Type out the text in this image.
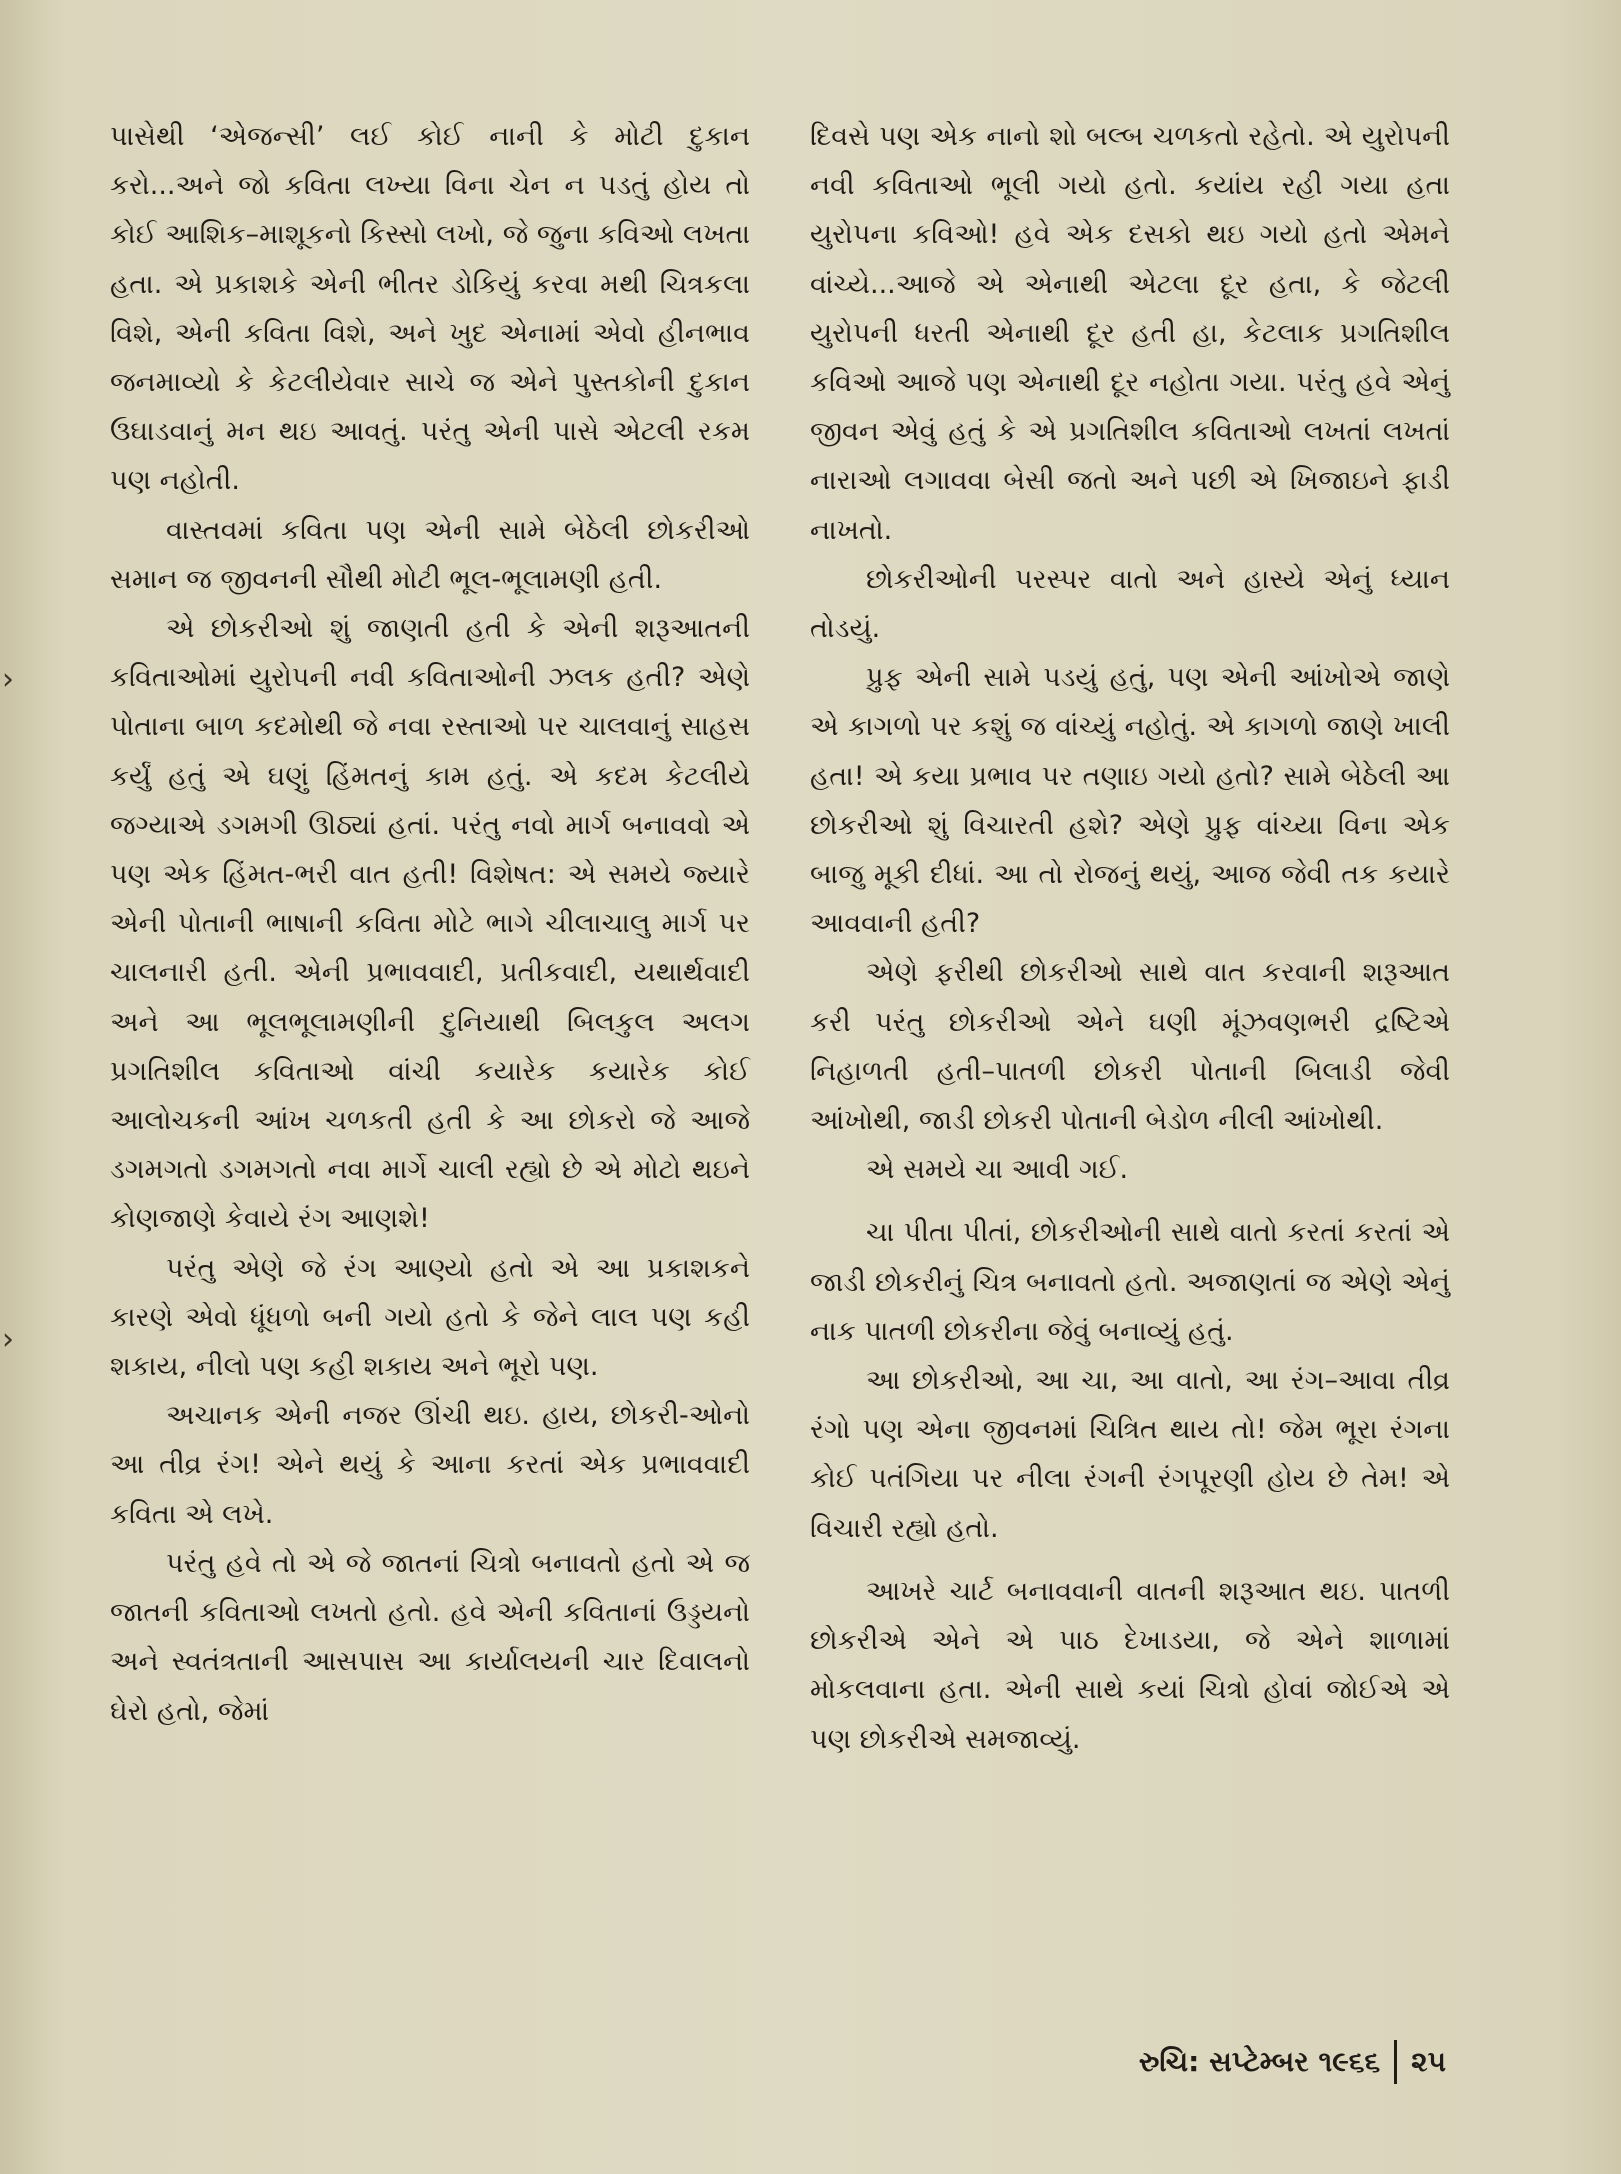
›
›

પાસેથી ‘એજન્સી’ લઈ કોઈ નાની કે મોટી દુકાન કરો...અને જો કવિતા લખ્યા વિના ચેન ન પડતું હોય તો કોઈ આશિક–માશૂકનો કિસ્સો લખો, જે જુના કવિઓ લખતા હતા. એ પ્રકાશકે એની ભીતર ડોકિયું કરવા મથી ચિત્રકલા વિશે, એની કવિતા વિશે, અને ખુદ એનામાં એવો હીનભાવ જનમાવ્યો કે કેટલીયેવાર સાચે જ એને પુસ્તકોની દુકાન ઉઘાડવાનું મન થઇ આવતું. પરંતુ એની પાસે એટલી રકમ પણ નહોતી.

વાસ્તવમાં કવિતા પણ એની સામે બેઠેલી છોકરીઓ સમાન જ જીવનની સૌથી મોટી ભૂલ-ભૂલામણી હતી.

એ છોકરીઓ શું જાણતી હતી કે એની શરૂઆતની કવિતાઓમાં યુરોપની નવી કવિતાઓની ઝલક હતી? એણે પોતાના બાળ કદમોથી જે નવા રસ્તાઓ પર ચાલવાનું સાહસ કર્યું હતું એ ઘણું હિંમતનું કામ હતું. એ કદમ કેટલીયે જગ્યાએ ડગમગી ઊઠ્યાં હતાં. પરંતુ નવો માર્ગ બનાવવો એ પણ એક હિંમત-ભરી વાત હતી! વિશેષત: એ સમયે જ્યારે એની પોતાની ભાષાની કવિતા મોટે ભાગે ચીલાચાલુ માર્ગ પર ચાલનારી હતી. એની પ્રભાવવાદી, પ્રતીકવાદી, યથાર્થવાદી અને આ ભૂલભૂલામણીની દુનિયાથી બિલકુલ અલગ પ્રગતિશીલ કવિતાઓ વાંચી કયારેક કયારેક કોઈ આલોચકની આંખ ચળકતી હતી કે આ છોકરો જે આજે ડગમગતો ડગમગતો નવા માર્ગે ચાલી રહ્યો છે એ મોટો થઇને કોણજાણે કેવાયે રંગ આણશે!

પરંતુ એણે જે રંગ આણ્યો હતો એ આ પ્રકાશકને કારણે એવો ધૂંધળો બની ગયો હતો કે જેને લાલ પણ કહી શકાય, નીલો પણ કહી શકાય અને ભૂરો પણ.

અચાનક એની નજર ઊંચી થઇ. હાય, છોકરી-ઓનો આ તીવ્ર રંગ! એને થયું કે આના કરતાં એક પ્રભાવવાદી કવિતા એ લખે.

પરંતુ હવે તો એ જે જાતનાં ચિત્રો બનાવતો હતો એ જ જાતની કવિતાઓ લખતો હતો. હવે એની કવિતાનાં ઉડ્ડયનો અને સ્વતંત્રતાની આસપાસ આ કાર્યાલયની ચાર દિવાલનો ઘેરો હતો, જેમાં

દિવસે પણ એક નાનો શો બલ્બ ચળકતો રહેતો. એ યુરોપની નવી કવિતાઓ ભૂલી ગયો હતો. કયાંય રહી ગયા હતા યુરોપના કવિઓ! હવે એક દસકો થઇ ગયો હતો એમને વાંચ્યે...આજે એ એનાથી એટલા દૂર હતા, કે જેટલી યુરોપની ધરતી એનાથી દૂર હતી હા, કેટલાક પ્રગતિશીલ કવિઓ આજે પણ એનાથી દૂર નહોતા ગયા. પરંતુ હવે એનું જીવન એવું હતું કે એ પ્રગતિશીલ કવિતાઓ લખતાં લખતાં નારાઓ લગાવવા બેસી જતો અને પછી એ ખિજાઇને ફાડી નાખતો.

છોકરીઓની પરસ્પર વાતો અને હાસ્યે એનું ધ્યાન તોડયું.

પ્રુફ એની સામે પડયું હતું, પણ એની આંખોએ જાણે એ કાગળો પર કશું જ વાંચ્યું નહોતું. એ કાગળો જાણે ખાલી હતા! એ કયા પ્રભાવ પર તણાઇ ગયો હતો? સામે બેઠેલી આ છોકરીઓ શું વિચારતી હશે? એણે પ્રુફ વાંચ્યા વિના એક બાજુ મૂકી દીધાં. આ તો રોજનું થયું, આજ જેવી તક કયારે આવવાની હતી?

એણે ફરીથી છોકરીઓ સાથે વાત કરવાની શરૂઆત કરી પરંતુ છોકરીઓ એને ઘણી મૂંઝવણભરી દ્રષ્ટિએ નિહાળતી હતી–પાતળી છોકરી પોતાની બિલાડી જેવી આંખોથી, જાડી છોકરી પોતાની બેડોળ નીલી આંખોથી.

એ સમયે ચા આવી ગઈ.

ચા પીતા પીતાં, છોકરીઓની સાથે વાતો કરતાં કરતાં એ જાડી છોકરીનું ચિત્ર બનાવતો હતો. અજાણતાં જ એણે એનું નાક પાતળી છોકરીના જેવું બનાવ્યું હતું.

આ છોકરીઓ, આ ચા, આ વાતો, આ રંગ–આવા તીવ્ર રંગો પણ એના જીવનમાં ચિત્રિત થાય તો! જેમ ભૂરા રંગના કોઈ પતંગિયા પર નીલા રંગની રંગપૂરણી હોય છે તેમ! એ વિચારી રહ્યો હતો.

આખરે ચાર્ટ બનાવવાની વાતની શરૂઆત થઇ. પાતળી છોકરીએ એને એ પાઠ દેખાડયા, જે એને શાળામાં મોકલવાના હતા. એની સાથે કયાં ચિત્રો હોવાં જોઈએ એ પણ છોકરીએ સમજાવ્યું.

રુચિ: સપ્ટેમ્બર ૧૯૬૬ ૨૫
